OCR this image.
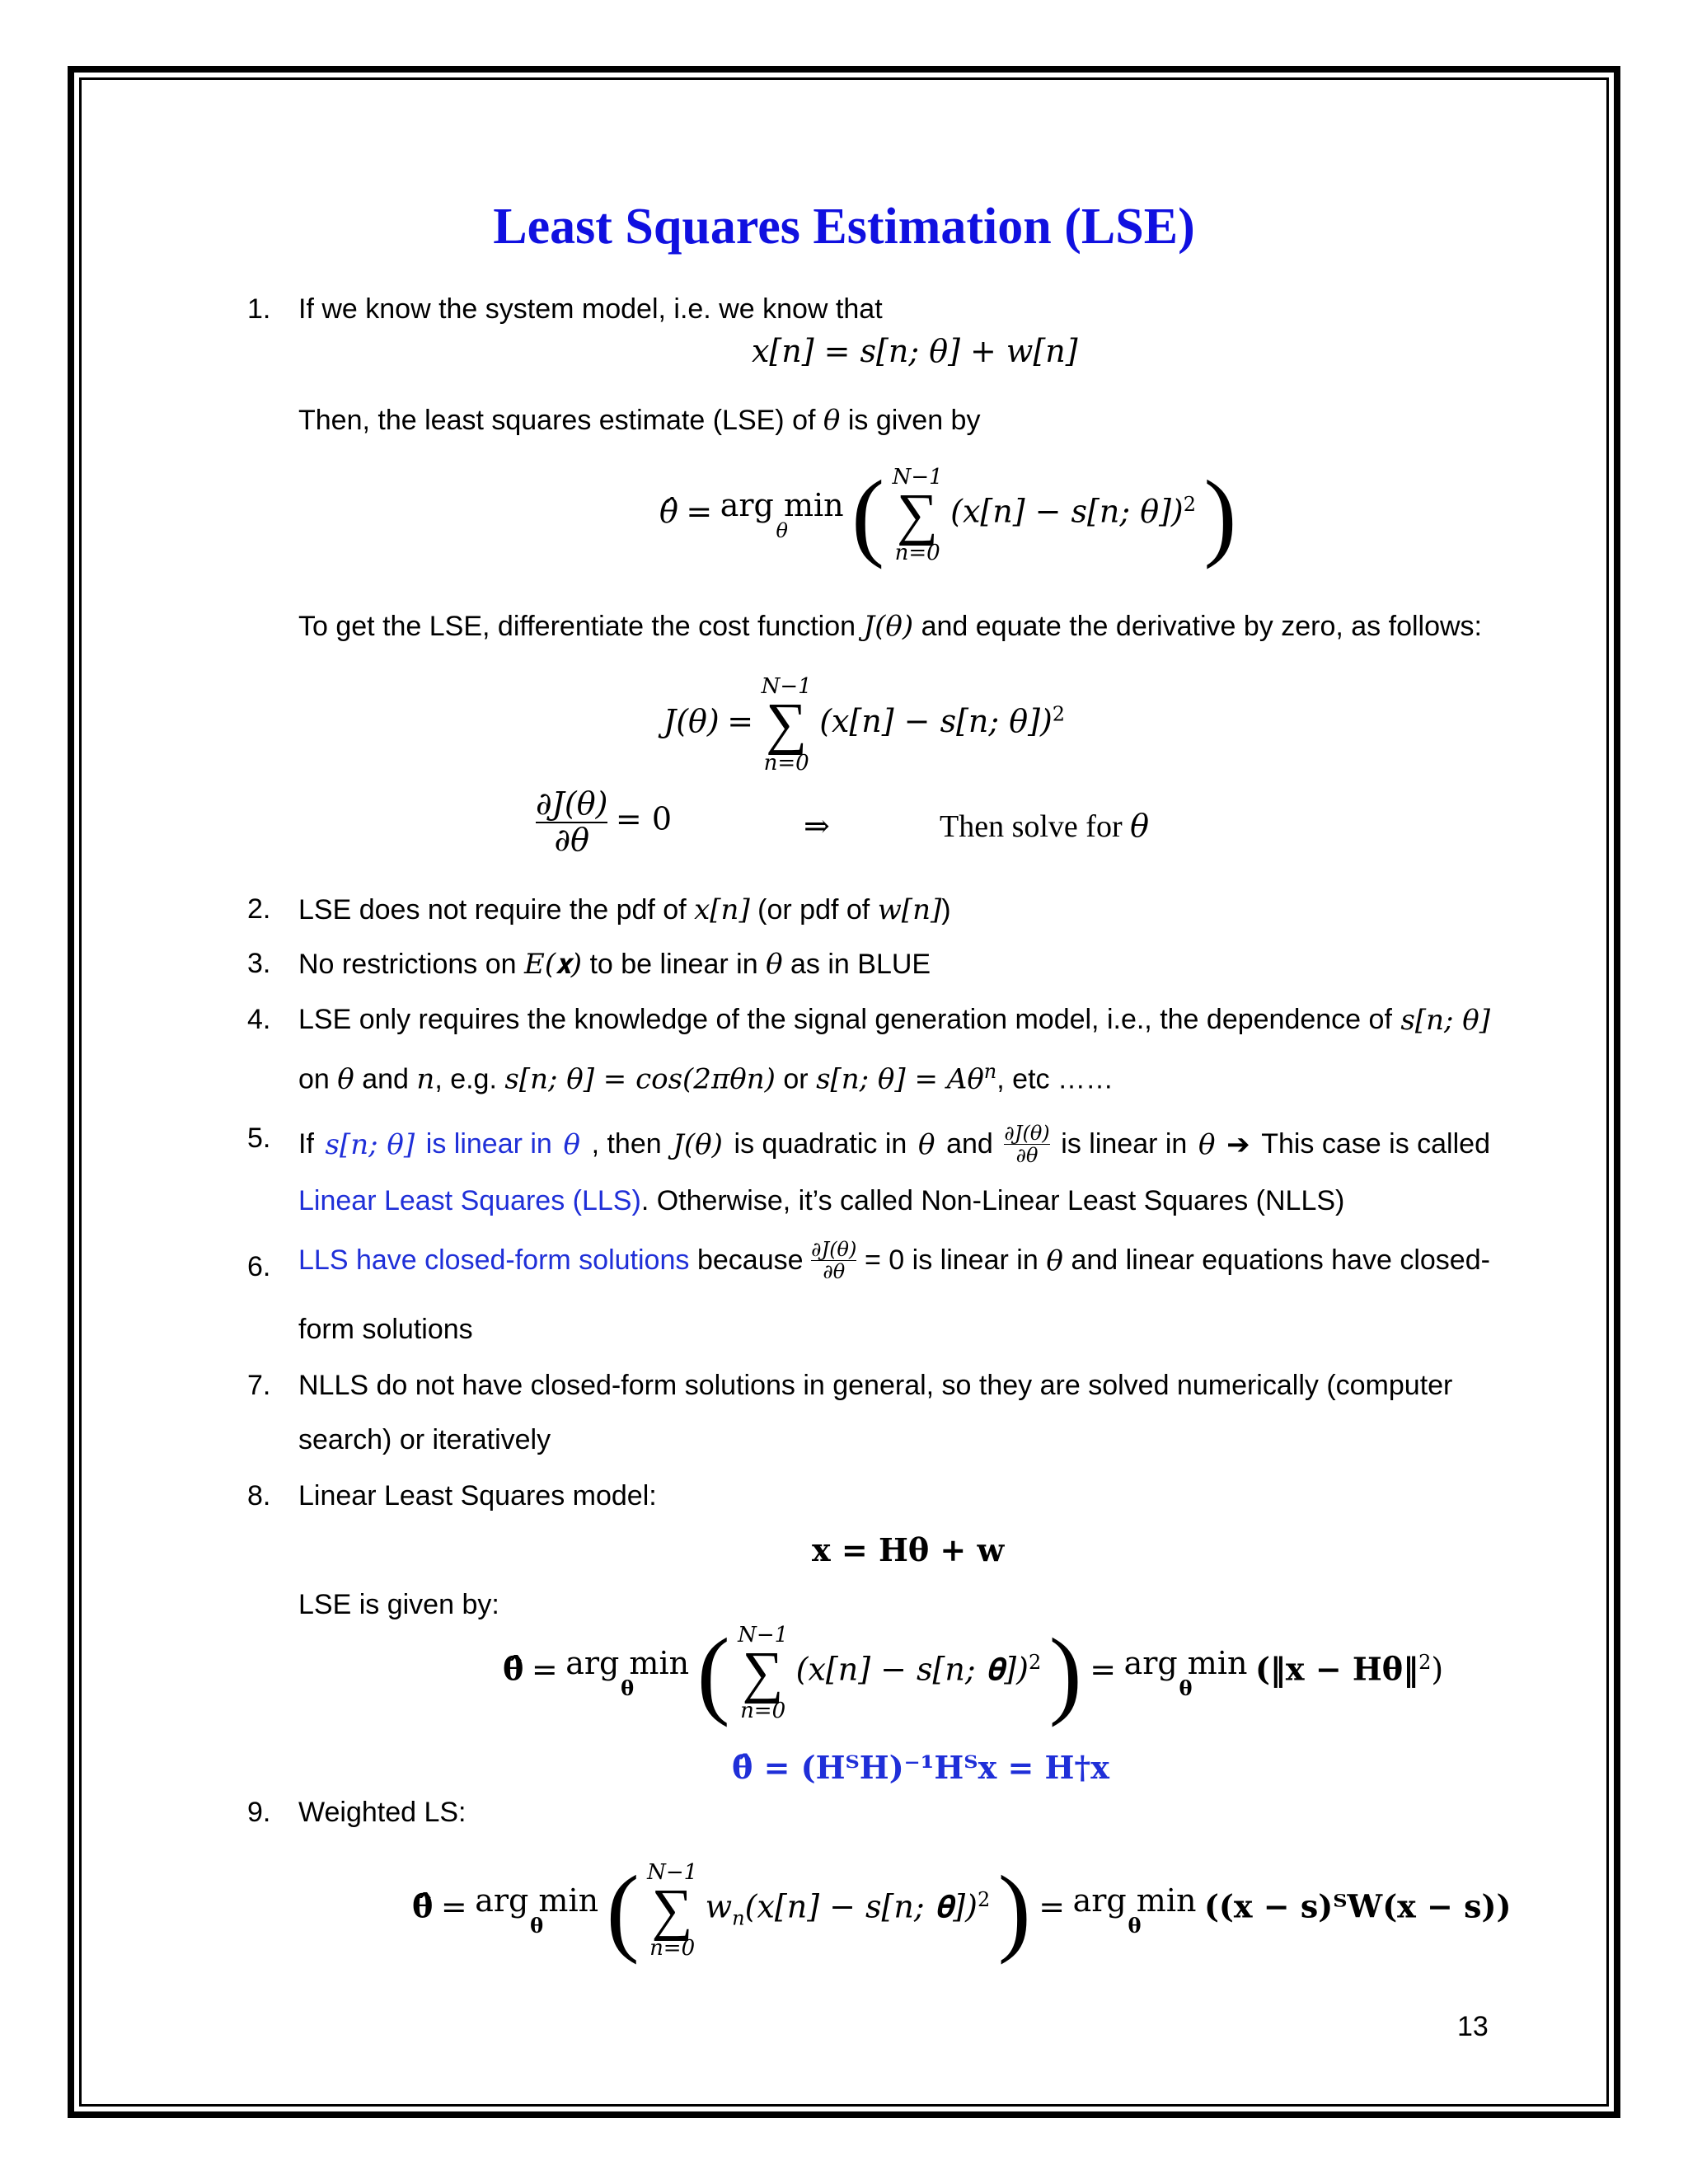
Least Squares Estimation (LSE)
1. If we know the system model, i.e. we know that
x[n] = s[n; θ] + w[n]
Then, the least squares estimate (LSE) of θ is given by
θ̂ = arg min
θ ( N−1
∑
n=0
(x[n] − s[n; θ])$^2$ )
To get the LSE, differentiate the cost function J(θ) and equate the derivative by zero, as follows:
J(θ) =
N−1
∑
n=0
(x[n] − s[n; θ])$^2$
$\frac{\partial J(\theta)}{\partial\theta} = 0$	⇒	Then solve for θ
2. LSE does not require the pdf of x[n] (or pdf of w[n])
3. No restrictions on E(𝐱) to be linear in θ as in BLUE
4. LSE only requires the knowledge of the signal generation model, i.e., the dependence of s[n; θ]
on θ and n, e.g. s[n; θ] = cos(2πθn) or s[n; $\theta] = A\theta^n$, etc ……
5. If s[n; θ] is linear in θ , then J(θ) is quadratic in θ and $\frac{\partial J(\theta)}{\partial\theta}$ is linear in θ ➔ This case is called
Linear Least Squares (LLS). Otherwise, it’s called Non-Linear Least Squares (NLLS)
6. LLS have closed-form solutions because $\frac{\partial J(\theta)}{\partial\theta} = 0$ is linear in θ and linear equations have closed-
form solutions
7. NLLS do not have closed-form solutions in general, so they are solved numerically (computer
search) or iteratively
8. Linear Least Squares model:
𝐱 = 𝐇𝛉 + 𝐰
LSE is given by:
𝛉̂ = arg min
𝛉 ( N−1
∑
n=0
(x[n] − s[n; 𝛉])$^2$ ) = arg min
𝛉
(‖𝐱 − 𝐇𝛉‖$^2$)
𝛉̂ = (𝐇ᵀ𝐇)⁻¹𝐇ᵀ𝐱 = 𝐇†𝐱
9. Weighted LS:
𝛉̂ = arg min
𝛉 ( N−1
∑
n=0
$w_n(x[n] - s[n$; 𝛉])$^2$ ) = arg min
𝛉
((𝐱 − 𝐬)ᵀ𝐖(𝐱 − 𝐬))
13
